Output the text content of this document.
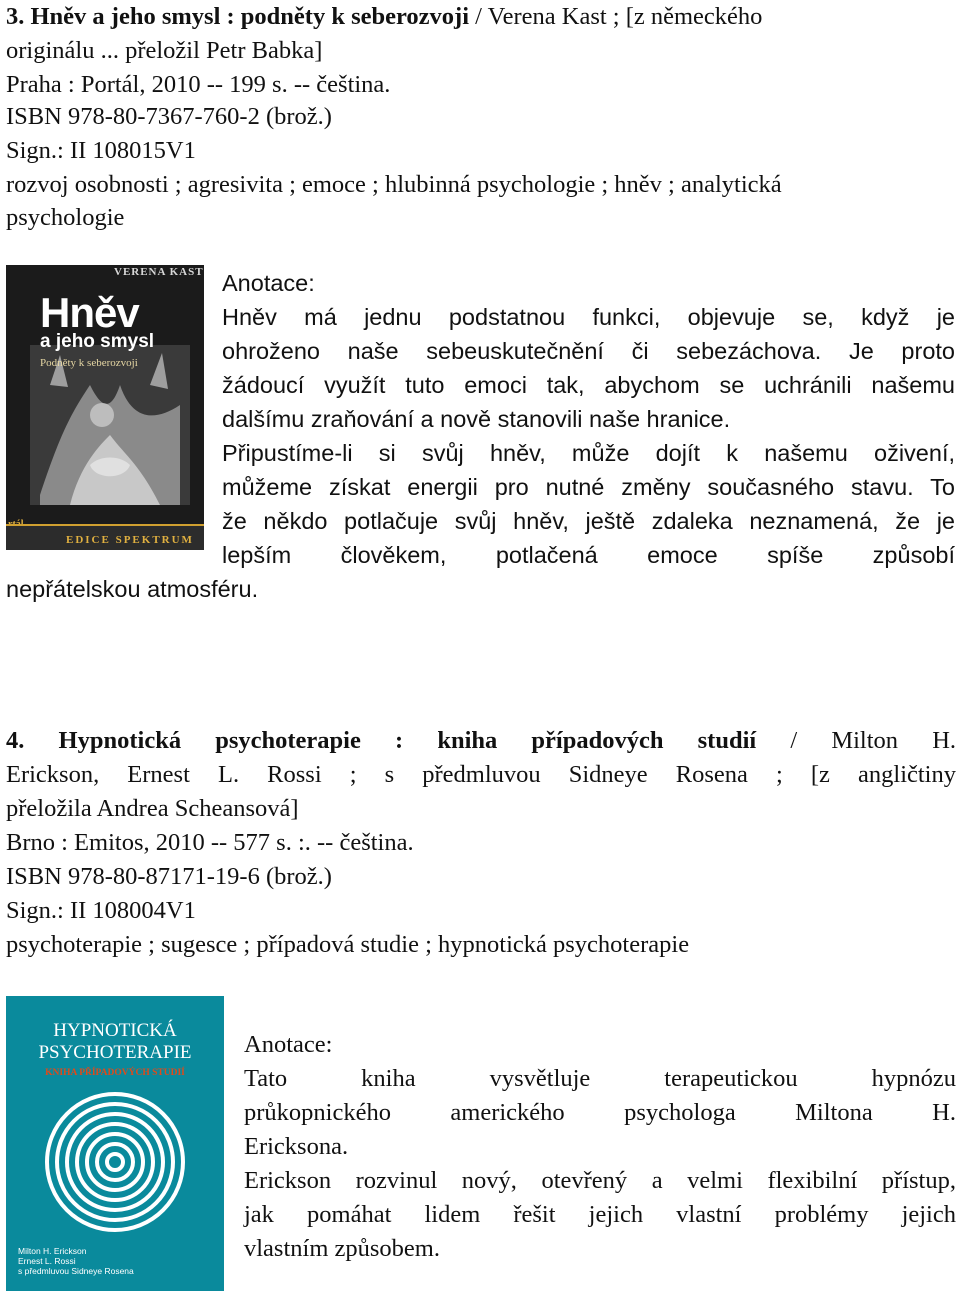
3. Hněv a jeho smysl : podněty k seberozvoji / Verena Kast ; [z německého
originálu ... přeložil Petr Babka]
Praha : Portál, 2010 -- 199 s. -- čeština.
ISBN 978-80-7367-760-2 (brož.)
Sign.: II 108015V1
rozvoj osobnosti ; agresivita ; emoce ; hlubinná psychologie ; hněv ; analytická
psychologie
VERENA KAST
Hněv
a jeho smysl
Podněty k seberozvoji
EDICE SPEKTRUM
Anotace:
Hněv má jednu podstatnou funkci, objevuje se, když je
ohroženo naše sebeuskutečnění či sebezáchova. Je proto
žádoucí využít tuto emoci tak, abychom se uchránili našemu
dalšímu zraňování a nově stanovili naše hranice.
Připustíme-li si svůj hněv, může dojít k našemu oživení,
můžeme získat energii pro nutné změny současného stavu. To
že někdo potlačuje svůj hněv, ještě zdaleka neznamená, že je
lepším člověkem, potlačená emoce spíše způsobí
nepřátelskou atmosféru.
4. Hypnotická psychoterapie : kniha případových studií / Milton H.
Erickson, Ernest L. Rossi ; s předmluvou Sidneye Rosena ; [z angličtiny
přeložila Andrea Scheansová]
Brno : Emitos, 2010 -- 577 s. :. -- čeština.
ISBN 978-80-87171-19-6 (brož.)
Sign.: II 108004V1
psychoterapie ; sugesce ; případová studie ; hypnotická psychoterapie
HYPNOTICKÁ
PSYCHOTERAPIE
KNIHA PŘÍPADOVÝCH STUDIÍ
Milton H. Erickson
Ernest L. Rossi
s předmluvou Sidneye Rosena
Anotace:
Tato kniha vysvětluje terapeutickou hypnózu
průkopnického amerického psychologa Miltona H.
Ericksona.
Erickson rozvinul nový, otevřený a velmi flexibilní přístup,
jak pomáhat lidem řešit jejich vlastní problémy jejich
vlastním způsobem.
